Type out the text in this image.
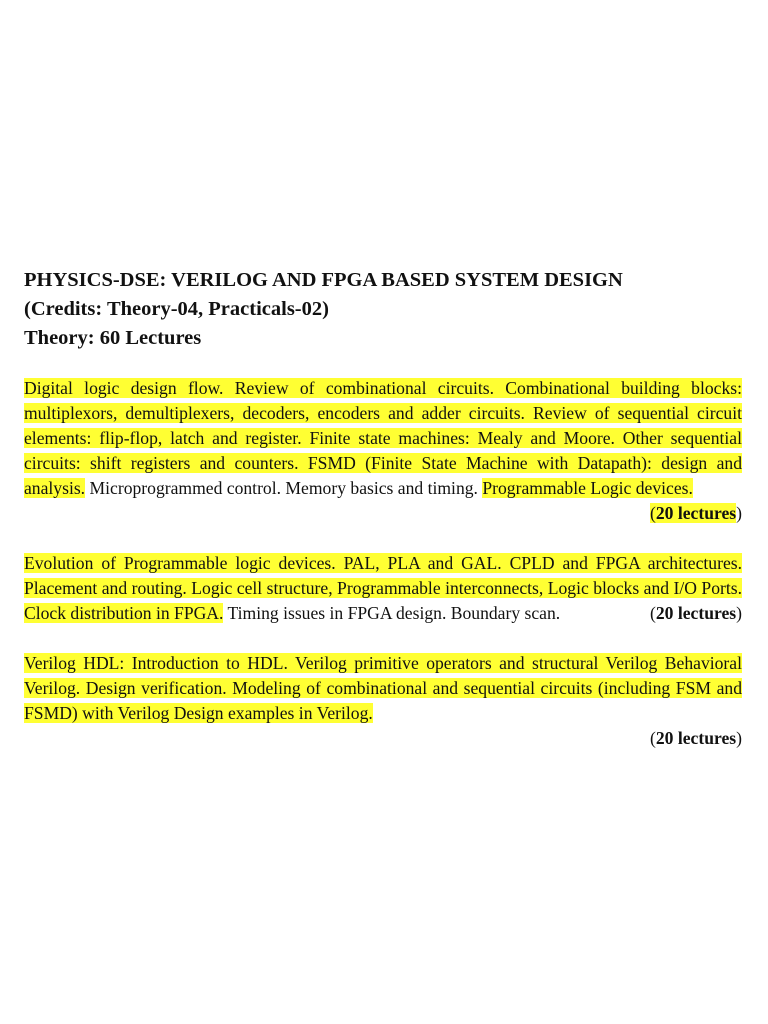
PHYSICS-DSE: VERILOG AND FPGA BASED SYSTEM DESIGN

(Credits: Theory-04, Practicals-02)

Theory: 60 Lectures

Digital logic design flow. Review of combinational circuits. Combinational building blocks: multiplexors, demultiplexers, decoders, encoders and adder circuits. Review of sequential circuit elements: flip-flop, latch and register. Finite state machines: Mealy and Moore. Other sequential circuits: shift registers and counters. FSMD (Finite State Machine with Datapath): design and analysis. Microprogrammed control. Memory basics and timing. Programmable Logic devices.
(20 lectures)

Evolution of Programmable logic devices. PAL, PLA and GAL. CPLD and FPGA architectures. Placement and routing. Logic cell structure, Programmable interconnects, Logic blocks and I/O Ports. Clock distribution in FPGA. Timing issues in FPGA design. Boundary scan.	(20 lectures)

Verilog HDL: Introduction to HDL. Verilog primitive operators and structural Verilog Behavioral Verilog. Design verification. Modeling of combinational and sequential circuits (including FSM and FSMD) with Verilog Design examples in Verilog.

(20 lectures)
